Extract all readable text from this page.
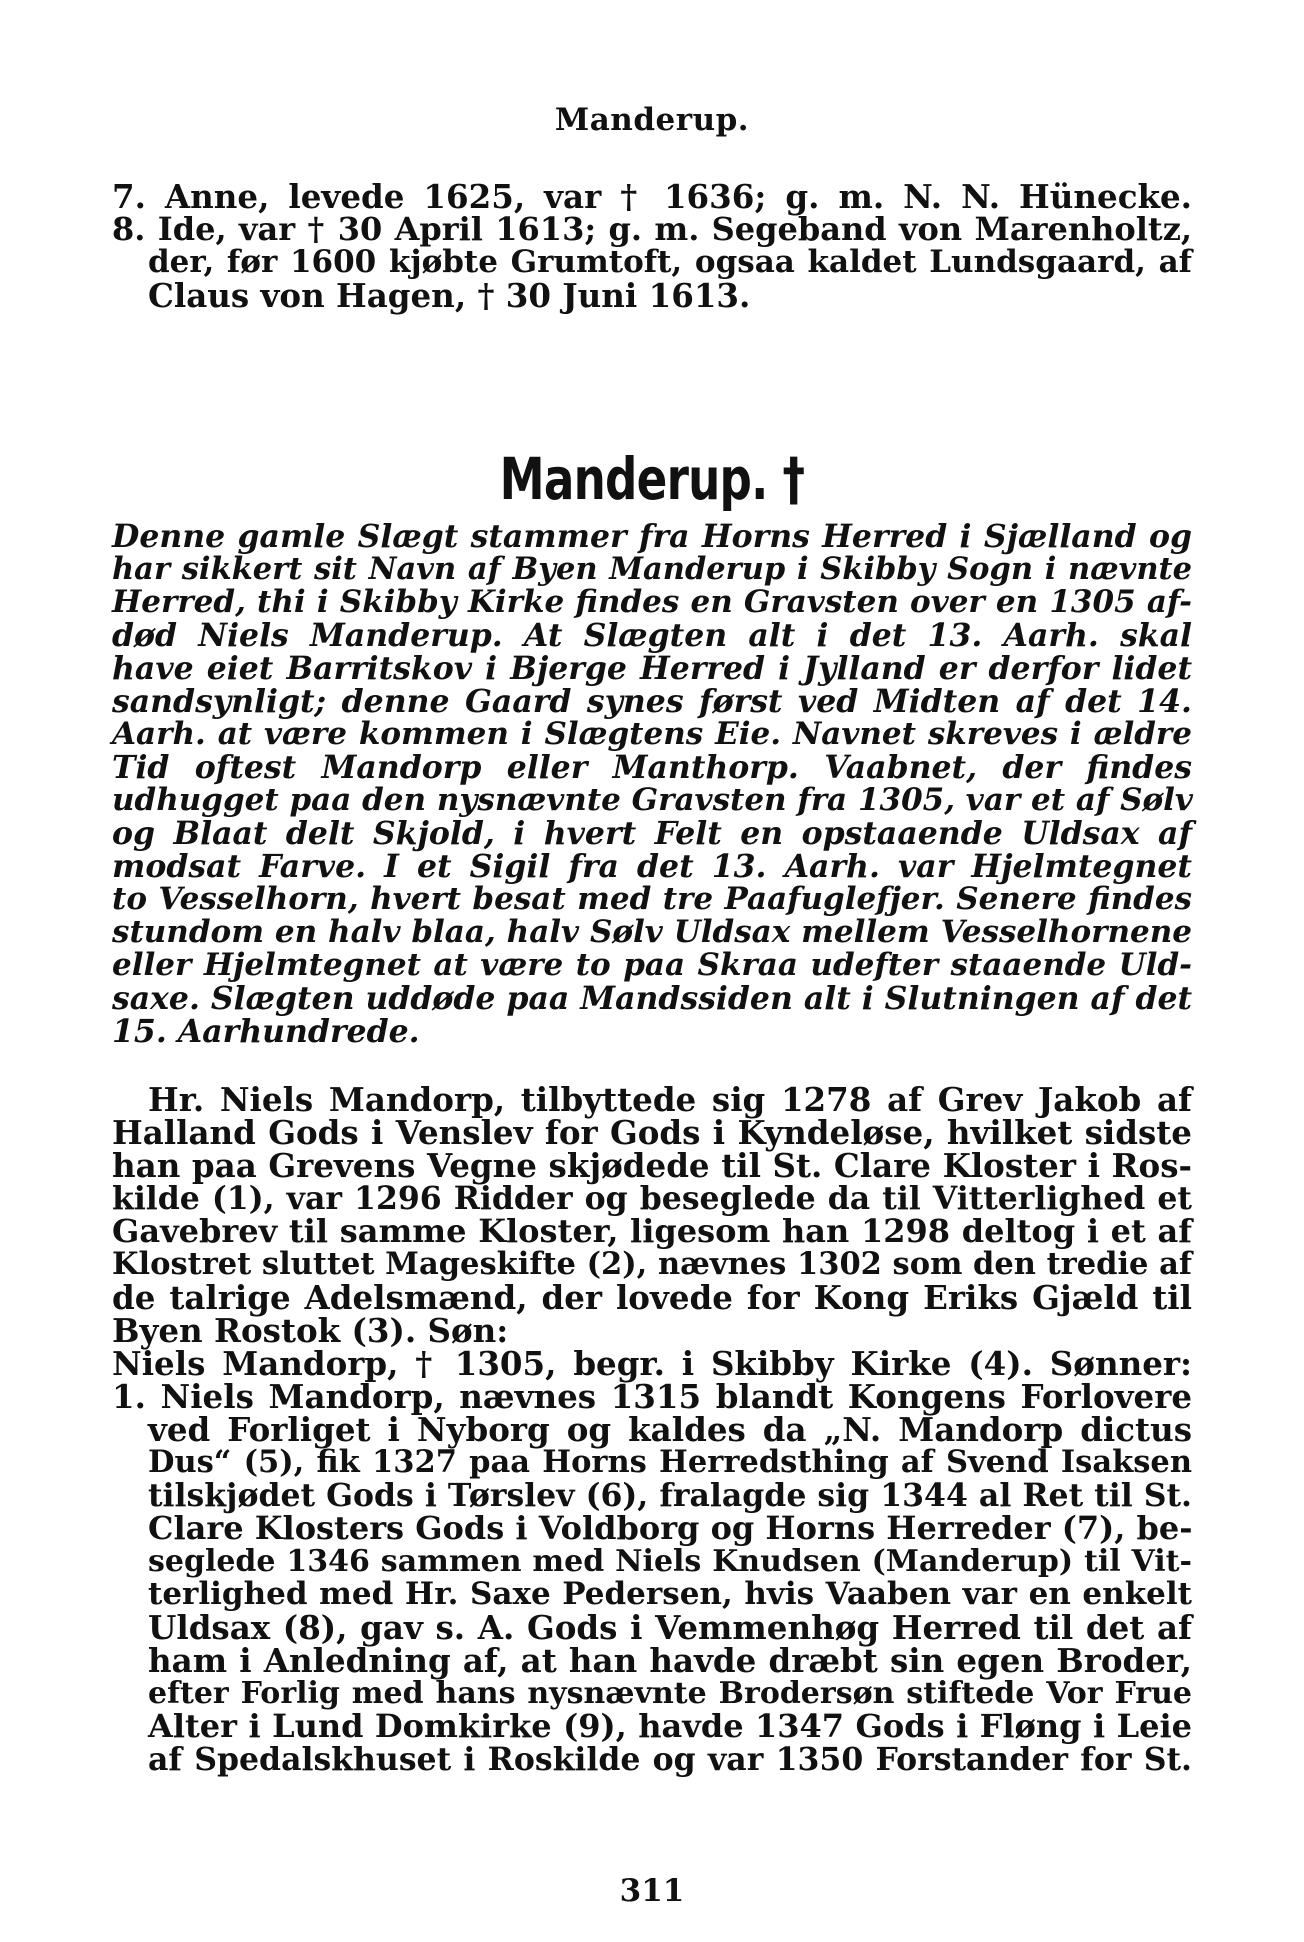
Manderup.
7. Anne, levede 1625, var † 1636; g. m. N. N. Hünecke.
8. Ide, var † 30 April 1613; g. m. Segeband von Marenholtz,
der, før 1600 kjøbte Grumtoft, ogsaa kaldet Lundsgaard, af
Claus von Hagen, † 30 Juni 1613.
Manderup. †
Denne gamle Slægt stammer fra Horns Herred i Sjælland og
har sikkert sit Navn af Byen Manderup i Skibby Sogn i nævnte
Herred, thi i Skibby Kirke findes en Gravsten over en 1305 af-
død Niels Manderup. At Slægten alt i det 13. Aarh. skal
have eiet Barritskov i Bjerge Herred i Jylland er derfor lidet
sandsynligt; denne Gaard synes først ved Midten af det 14.
Aarh. at være kommen i Slægtens Eie. Navnet skreves i ældre
Tid oftest Mandorp eller Manthorp. Vaabnet, der findes
udhugget paa den nysnævnte Gravsten fra 1305, var et af Sølv
og Blaat delt Skjold, i hvert Felt en opstaaende Uldsax af
modsat Farve. I et Sigil fra det 13. Aarh. var Hjelmtegnet
to Vesselhorn, hvert besat med tre Paafuglefjer. Senere findes
stundom en halv blaa, halv Sølv Uldsax mellem Vesselhornene
eller Hjelmtegnet at være to paa Skraa udefter staaende Uld-
saxe. Slægten uddøde paa Mandssiden alt i Slutningen af det
15. Aarhundrede.
Hr. Niels Mandorp, tilbyttede sig 1278 af Grev Jakob af
Halland Gods i Venslev for Gods i Kyndeløse, hvilket sidste
han paa Grevens Vegne skjødede til St. Clare Kloster i Ros-
kilde (1), var 1296 Ridder og beseglede da til Vitterlighed et
Gavebrev til samme Kloster, ligesom han 1298 deltog i et af
Klostret sluttet Mageskifte (2), nævnes 1302 som den tredie af
de talrige Adelsmænd, der lovede for Kong Eriks Gjæld til
Byen Rostok (3). Søn:
Niels Mandorp, † 1305, begr. i Skibby Kirke (4). Sønner:
1. Niels Mandorp, nævnes 1315 blandt Kongens Forlovere
ved Forliget i Nyborg og kaldes da „N. Mandorp dictus
Dus“ (5), fik 1327 paa Horns Herredsthing af Svend Isaksen
tilskjødet Gods i Tørslev (6), fralagde sig 1344 al Ret til St.
Clare Klosters Gods i Voldborg og Horns Herreder (7), be-
seglede 1346 sammen med Niels Knudsen (Manderup) til Vit-
terlighed med Hr. Saxe Pedersen, hvis Vaaben var en enkelt
Uldsax (8), gav s. A. Gods i Vemmenhøg Herred til det af
ham i Anledning af, at han havde dræbt sin egen Broder,
efter Forlig med hans nysnævnte Brodersøn stiftede Vor Frue
Alter i Lund Domkirke (9), havde 1347 Gods i Fløng i Leie
af Spedalskhuset i Roskilde og var 1350 Forstander for St.
311
